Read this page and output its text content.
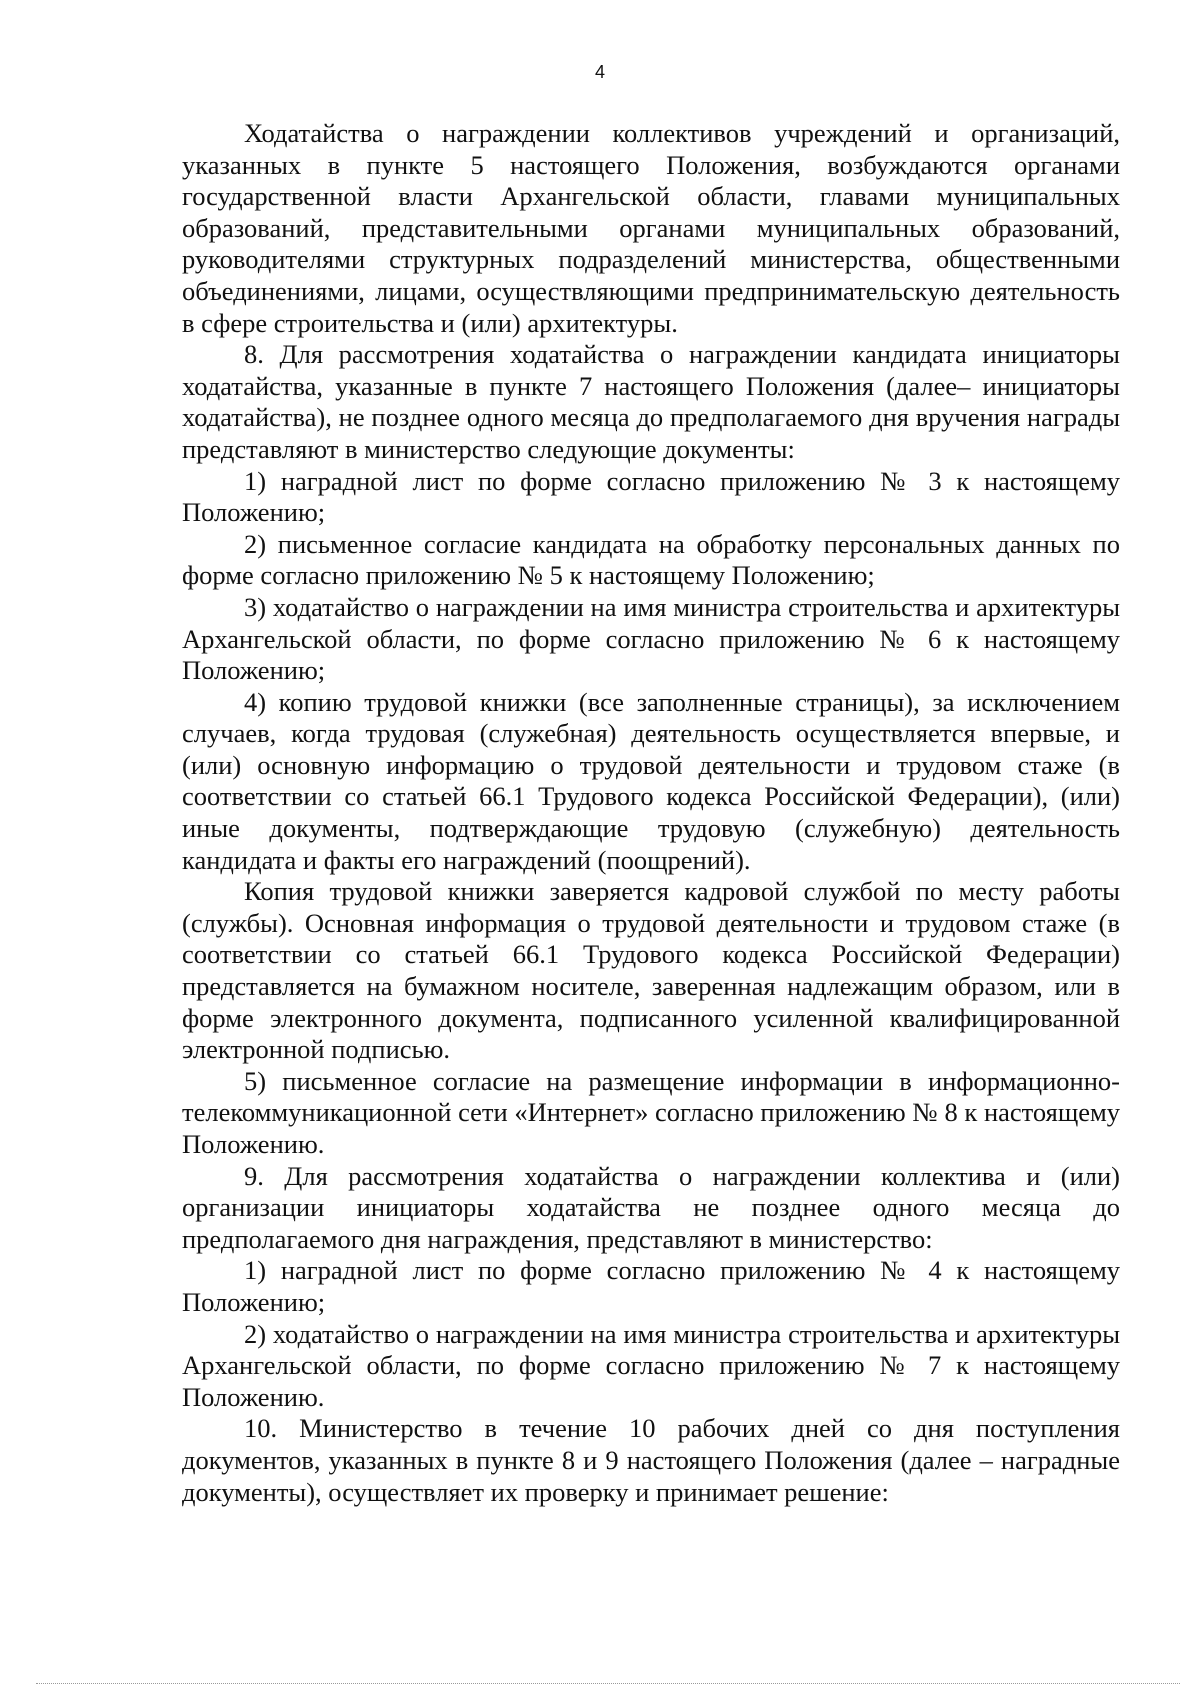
4

Ходатайства о награждении коллективов учреждений и организаций, указанных в пункте 5 настоящего Положения, возбуждаются органами государственной власти Архангельской области, главами муниципальных образований, представительными органами муниципальных образований, руководителями структурных подразделений министерства, общественными объединениями, лицами, осуществляющими предпринимательскую деятельность в сфере строительства и (или) архитектуры.

8. Для рассмотрения ходатайства о награждении кандидата инициаторы ходатайства, указанные в пункте 7 настоящего Положения (далее– инициаторы ходатайства), не позднее одного месяца до предполагаемого дня вручения награды представляют в министерство следующие документы:

1) наградной лист по форме согласно приложению № 3 к настоящему Положению;

2) письменное согласие кандидата на обработку персональных данных по форме согласно приложению № 5 к настоящему Положению;

3) ходатайство о награждении на имя министра строительства и архитектуры Архангельской области, по форме согласно приложению № 6 к настоящему Положению;

4) копию трудовой книжки (все заполненные страницы), за исключением случаев, когда трудовая (служебная) деятельность осуществляется впервые, и (или) основную информацию о трудовой деятельности и трудовом стаже (в соответствии со статьей 66.1 Трудового кодекса Российской Федерации), (или) иные документы, подтверждающие трудовую (служебную) деятельность кандидата и факты его награждений (поощрений).

Копия трудовой книжки заверяется кадровой службой по месту работы (службы). Основная информация о трудовой деятельности и трудовом стаже (в соответствии со статьей 66.1 Трудового кодекса Российской Федерации) представляется на бумажном носителе, заверенная надлежащим образом, или в форме электронного документа, подписанного усиленной квалифицированной электронной подписью.

5) письменное согласие на размещение информации в информационно-телекоммуникационной сети «Интернет» согласно приложению № 8 к настоящему Положению.

9. Для рассмотрения ходатайства о награждении коллектива и (или) организации инициаторы ходатайства не позднее одного месяца до предполагаемого дня награждения, представляют в министерство:

1) наградной лист по форме согласно приложению № 4 к настоящему Положению;

2) ходатайство о награждении на имя министра строительства и архитектуры Архангельской области, по форме согласно приложению № 7 к настоящему Положению.

10. Министерство в течение 10 рабочих дней со дня поступления документов, указанных в пункте 8 и 9 настоящего Положения (далее – наградные документы), осуществляет их проверку и принимает решение:
